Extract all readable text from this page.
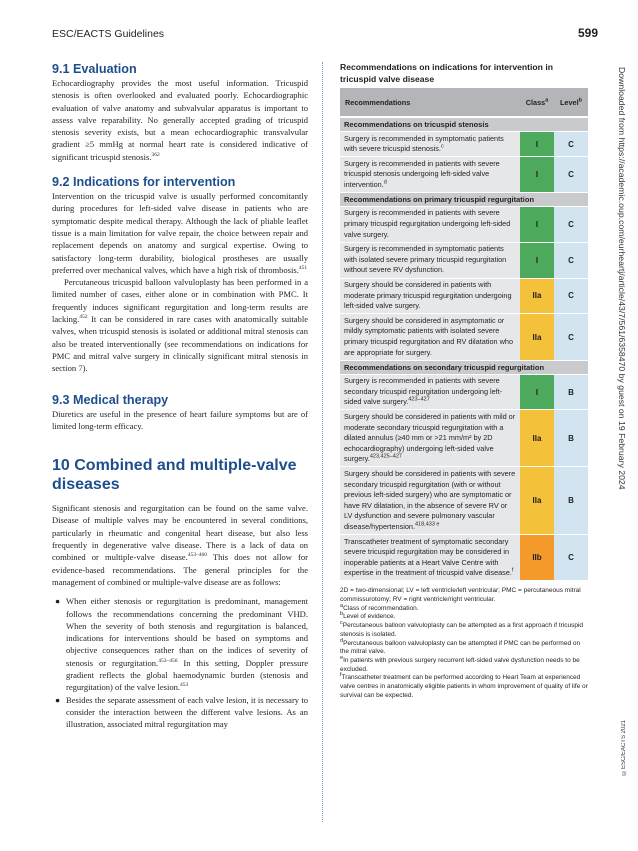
ESC/EACTS Guidelines	599
9.1 Evaluation

Echocardiography provides the most useful information. Tricuspid stenosis is often overlooked and evaluated poorly. Echocardiographic evaluation of valve anatomy and subvalvular apparatus is important to assess valve reparability. No generally accepted grading of tricuspid stenosis severity exists, but a mean echocardiographic transvalvular gradient ≥5 mmHg at normal heart rate is considered indicative of significant tricuspid stenosis.$^{362}$

9.2 Indications for intervention

Intervention on the tricuspid valve is usually performed concomitantly during procedures for left-sided valve disease in patients who are symptomatic despite medical therapy. Although the lack of pliable leaflet tissue is a main limitation for valve repair, the choice between repair and replacement depends on anatomy and surgical expertise. Owing to satisfactory long-term durability, biological prostheses are usually preferred over mechanical valves, which have a high risk of thrombosis.$^{451}$

Percutaneous tricuspid balloon valvuloplasty has been performed in a limited number of cases, either alone or in combination with PMC. It frequently induces significant regurgitation and long-term results are lacking.$^{452}$ It can be considered in rare cases with anatomically suitable valves, when tricuspid stenosis is isolated or additional mitral stenosis can also be treated interventionally (see recommendations on indications for PMC and mitral valve surgery in clinically significant mitral stenosis in section 7).

9.3 Medical therapy

Diuretics are useful in the presence of heart failure symptoms but are of limited long-term efficacy.

10 Combined and multiple-valve diseases

Significant stenosis and regurgitation can be found on the same valve. Disease of multiple valves may be encountered in several conditions, particularly in rheumatic and congenital heart disease, but also less frequently in degenerative valve disease. There is a lack of data on combined or multiple-valve disease.$^{453-460}$ This does not allow for evidence-based recommendations. The general principles for the management of combined or multiple-valve disease are as follows:

● When either stenosis or regurgitation is predominant, management follows the recommendations concerning the predominant VHD. When the severity of both stenosis and regurgitation is balanced, indications for interventions should be based on symptoms and objective consequences rather than on the indices of severity of stenosis or regurgitation.$^{453-456}$ In this setting, Doppler pressure gradient reflects the global haemodynamic burden (stenosis and regurgitation) of the valve lesion.$^{453}$
● Besides the separate assessment of each valve lesion, it is necessary to consider the interaction between the different valve lesions. As an illustration, associated mitral regurgitation may
Recommendations on indications for intervention in tricuspid valve disease
Recommendations	Class$^a$	Level$^b$
Recommendations on tricuspid stenosis		
Surgery is recommended in symptomatic patients with severe tricuspid stenosis.$^c$	I	C
Surgery is recommended in patients with severe tricuspid stenosis undergoing left-sided valve intervention.$^d$	I	C
Recommendations on primary tricuspid regurgitation		
Surgery is recommended in patients with severe primary tricuspid regurgitation undergoing left-sided valve surgery.	I	C
Surgery is recommended in symptomatic patients with isolated severe primary tricuspid regurgitation without severe RV dysfunction.	I	C
Surgery should be considered in patients with moderate primary tricuspid regurgitation undergoing left-sided valve surgery.	IIa	C
Surgery should be considered in asymptomatic or mildly symptomatic patients with isolated severe primary tricuspid regurgitation and RV dilatation who are appropriate for surgery.	IIa	C
Recommendations on secondary tricuspid regurgitation		
Surgery is recommended in patients with severe secondary tricuspid regurgitation undergoing left-sided valve surgery.$^{423-427}$	I	B
Surgery should be considered in patients with mild or moderate secondary tricuspid regurgitation with a dilated annulus (≥40 mm or >21 mm/m² by 2D echocardiography) undergoing left-sided valve surgery.$^{423,425-427}$	IIa	B
Surgery should be considered in patients with severe secondary tricuspid regurgitation (with or without previous left-sided surgery) who are symptomatic or have RV dilatation, in the absence of severe RV or LV dysfunction and severe pulmonary vascular disease/hypertension.$^{418,433 e}$	IIa	B
Transcatheter treatment of symptomatic secondary severe tricuspid regurgitation may be considered in inoperable patients at a Heart Valve Centre with expertise in the treatment of tricuspid valve disease.$^f$	IIb	C

2D = two-dimensional; LV = left ventricle/left ventricular; PMC = percutaneous mitral commissurotomy; RV = right ventricle/right ventricular.

$^a$Class of recommendation.

$^b$Level of evidence.

$^c$Percutaneous balloon valvuloplasty can be attempted as a first approach if tricuspid stenosis is isolated.

$^d$Percutaneous balloon valvuloplasty can be attempted if PMC can be performed on the mitral valve.

$^e$In patients with previous surgery recurrent left-sided valve dysfunction needs to be excluded.

$^f$Transcatheter treatment can be performed according to Heart Team at experienced valve centres in anatomically eligible patients in whom improvement of quality of life or survival can be expected.

Downloaded from https://academic.oup.com/eurheartj/article/43/7/561/6358470 by guest on 19 February 2024
©ESC/EACTS 2021
